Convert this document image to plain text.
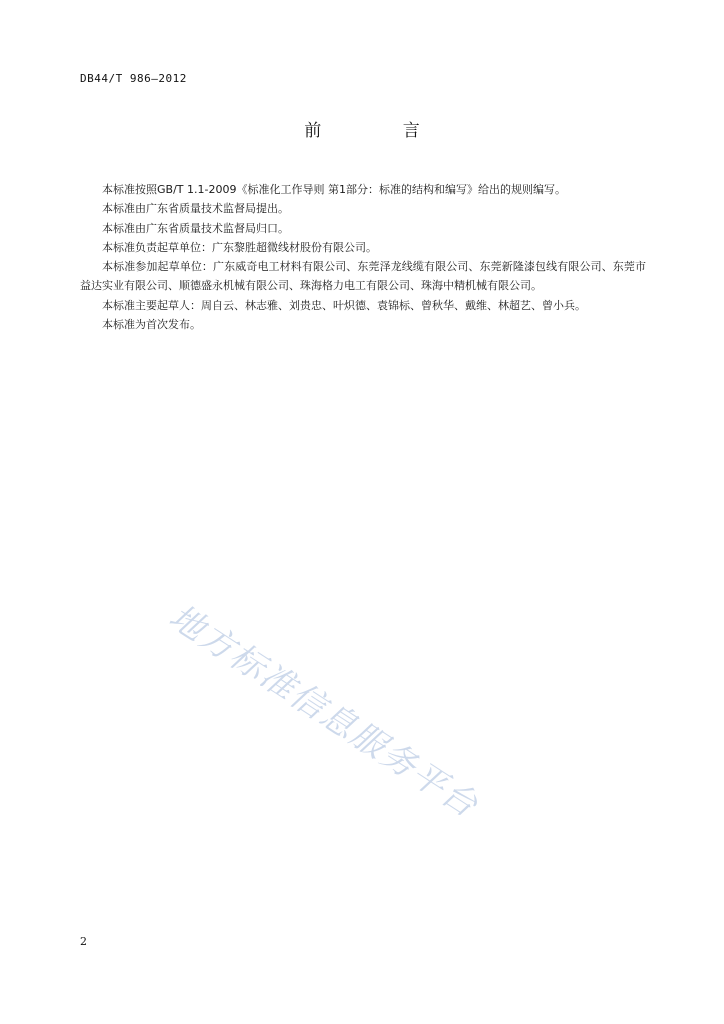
DB44/T 986—2012
前 言

本标准按照GB/T 1.1-2009《标准化工作导则 第1部分：标准的结构和编写》给出的规则编写。

本标准由广东省质量技术监督局提出。

本标准由广东省质量技术监督局归口。

本标准负责起草单位：广东黎胜超微线材股份有限公司。

本标准参加起草单位：广东威奇电工材料有限公司、东莞泽龙线缆有限公司、东莞新隆漆包线有限公司、东莞市益达实业有限公司、顺德盛永机械有限公司、珠海格力电工有限公司、珠海中精机械有限公司。

本标准主要起草人：周自云、林志雅、刘贵忠、叶炽德、袁锦标、曾秋华、戴维、林超艺、曾小兵。

本标准为首次发布。

地方标准信息服务平台
2
